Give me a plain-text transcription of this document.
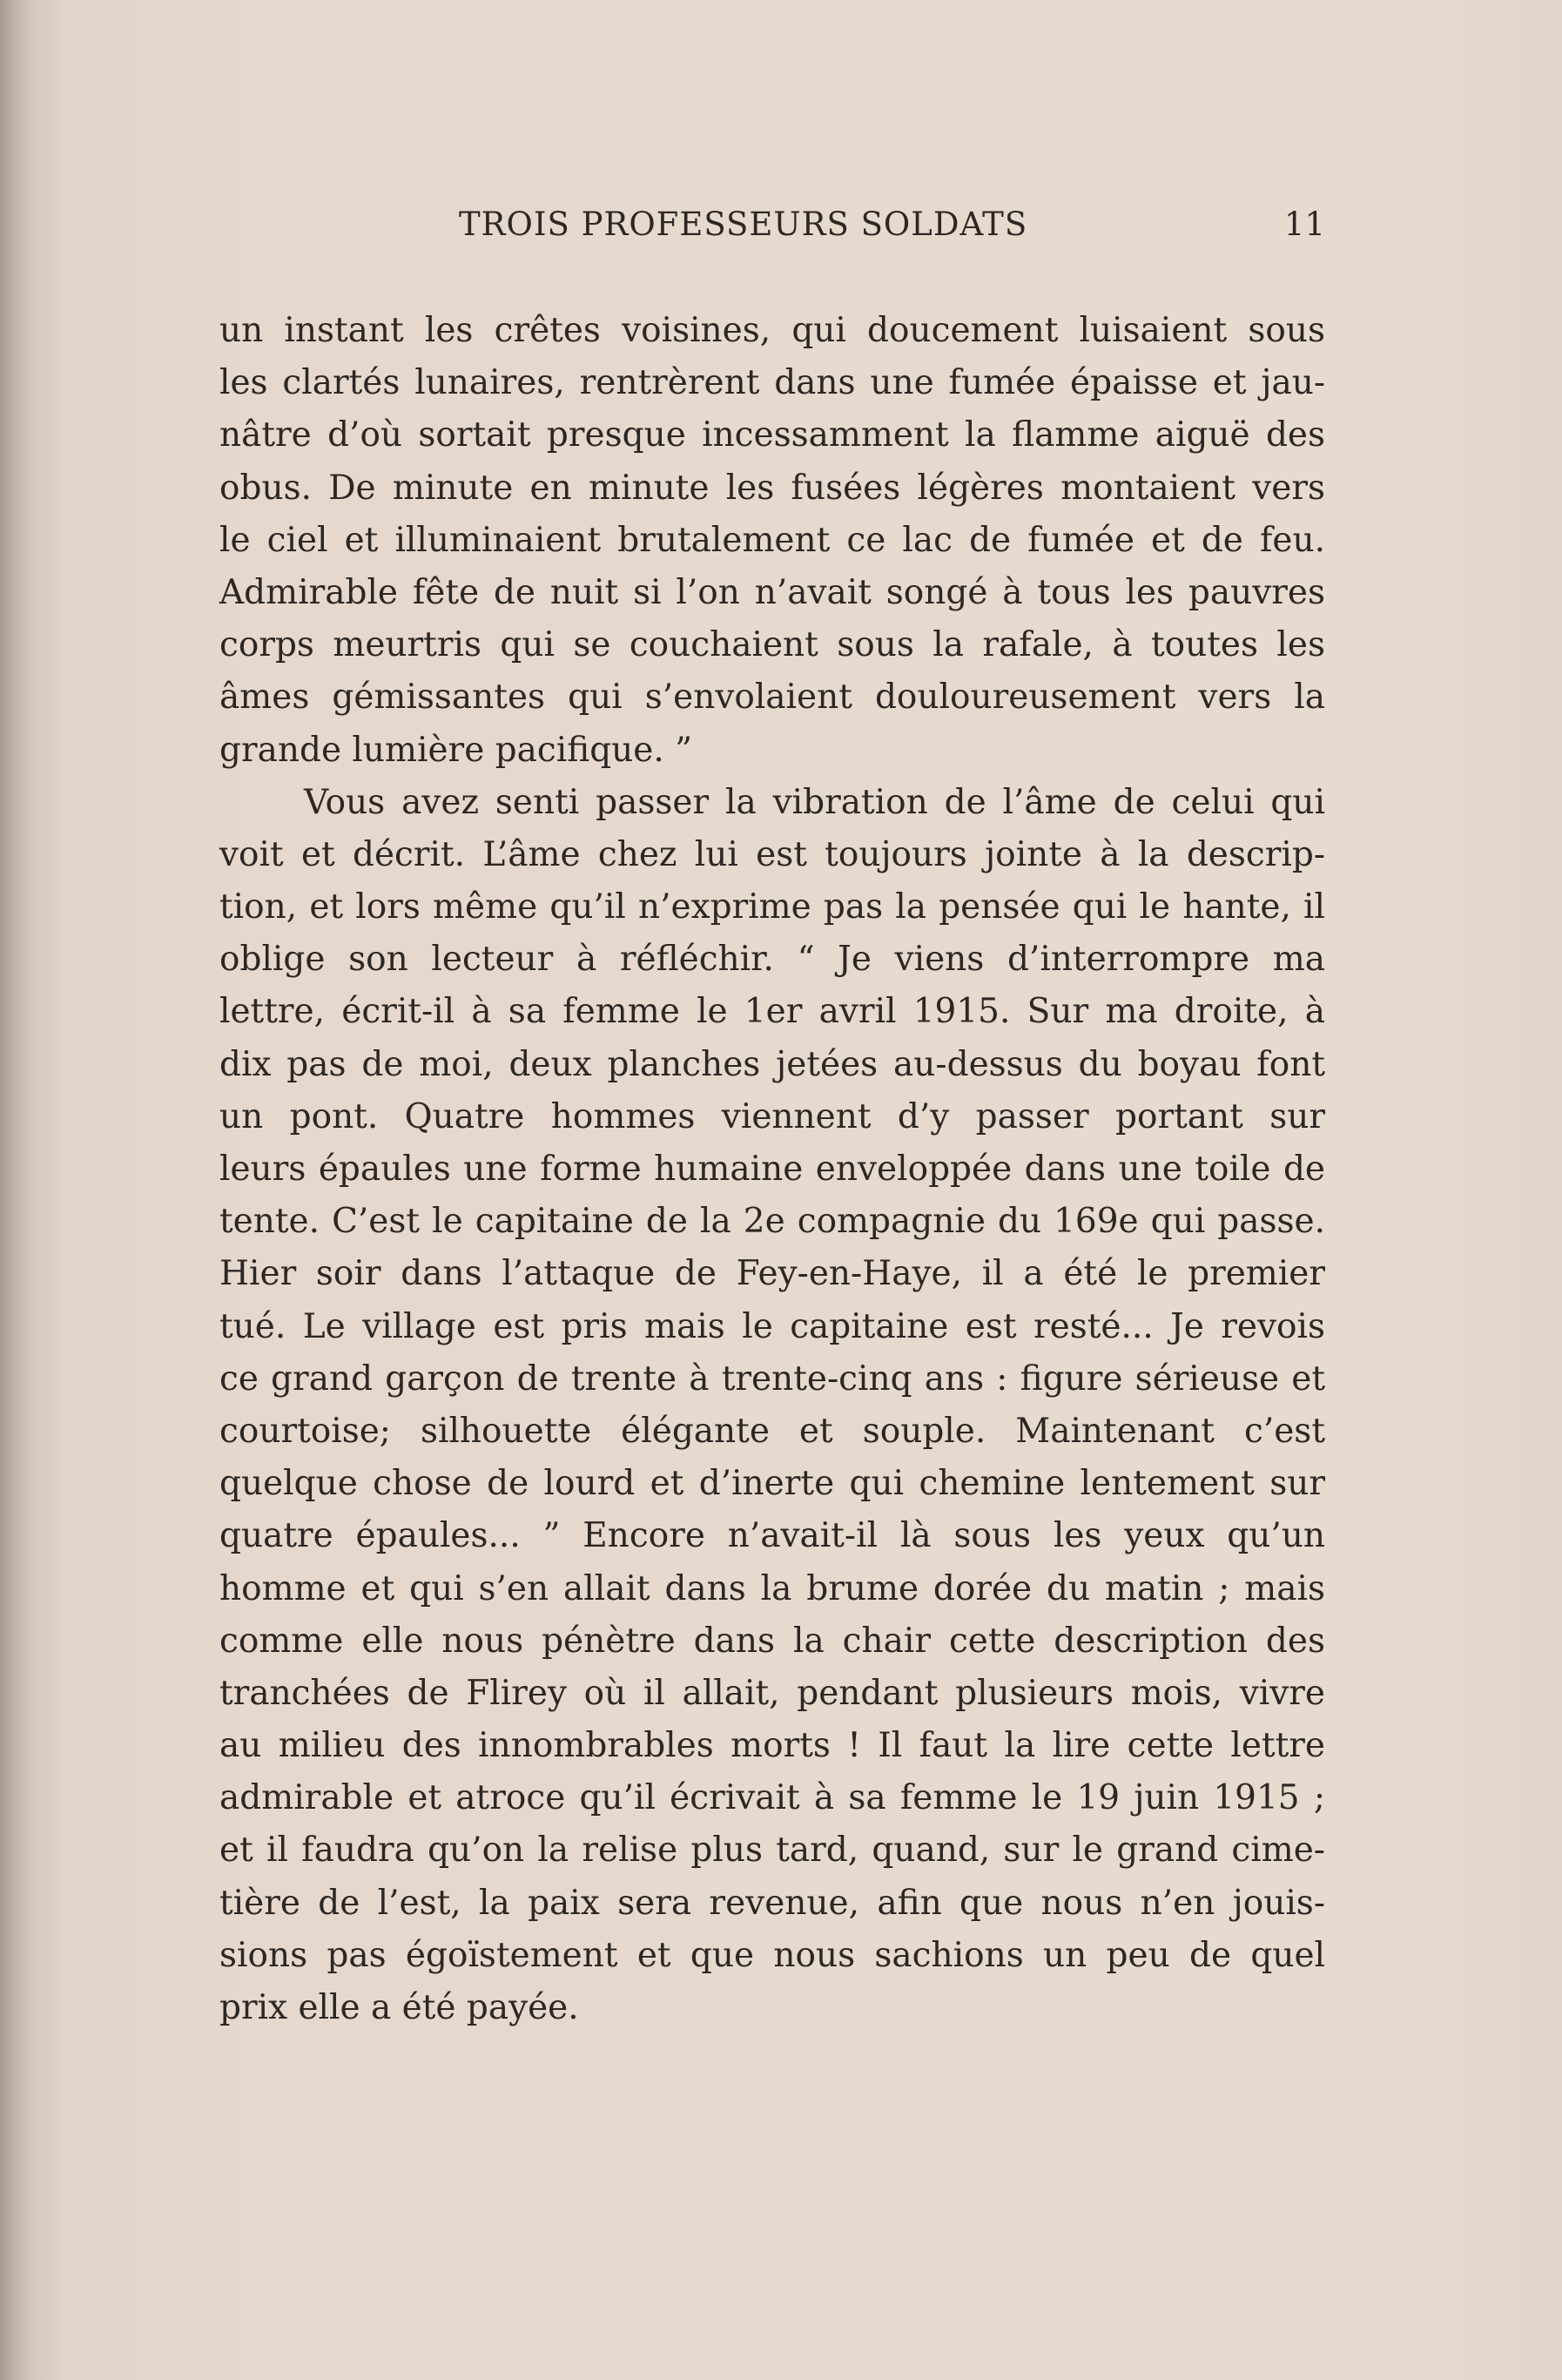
TROIS PROFESSEURS SOLDATS	11
un instant les crêtes voisines, qui doucement luisaient sous
les clartés lunaires, rentrèrent dans une fumée épaisse et jau-
nâtre d’où sortait presque incessamment la flamme aiguë des
obus. De minute en minute les fusées légères montaient vers
le ciel et illuminaient brutalement ce lac de fumée et de feu.
Admirable fête de nuit si l’on n’avait songé à tous les pauvres
corps meurtris qui se couchaient sous la rafale, à toutes les
âmes gémissantes qui s’envolaient douloureusement vers la
grande lumière pacifique. ”
Vous avez senti passer la vibration de l’âme de celui qui
voit et décrit. L’âme chez lui est toujours jointe à la descrip-
tion, et lors même qu’il n’exprime pas la pensée qui le hante, il
oblige son lecteur à réfléchir. “ Je viens d’interrompre ma
lettre, écrit-il à sa femme le 1er avril 1915. Sur ma droite, à
dix pas de moi, deux planches jetées au-dessus du boyau font
un pont. Quatre hommes viennent d’y passer portant sur
leurs épaules une forme humaine enveloppée dans une toile de
tente. C’est le capitaine de la 2e compagnie du 169e qui passe.
Hier soir dans l’attaque de Fey-en-Haye, il a été le premier
tué. Le village est pris mais le capitaine est resté... Je revois
ce grand garçon de trente à trente-cinq ans : figure sérieuse et
courtoise; silhouette élégante et souple. Maintenant c’est
quelque chose de lourd et d’inerte qui chemine lentement sur
quatre épaules... ” Encore n’avait-il là sous les yeux qu’un
homme et qui s’en allait dans la brume dorée du matin ; mais
comme elle nous pénètre dans la chair cette description des
tranchées de Flirey où il allait, pendant plusieurs mois, vivre
au milieu des innombrables morts ! Il faut la lire cette lettre
admirable et atroce qu’il écrivait à sa femme le 19 juin 1915 ;
et il faudra qu’on la relise plus tard, quand, sur le grand cime-
tière de l’est, la paix sera revenue, afin que nous n’en jouis-
sions pas égoïstement et que nous sachions un peu de quel
prix elle a été payée.
